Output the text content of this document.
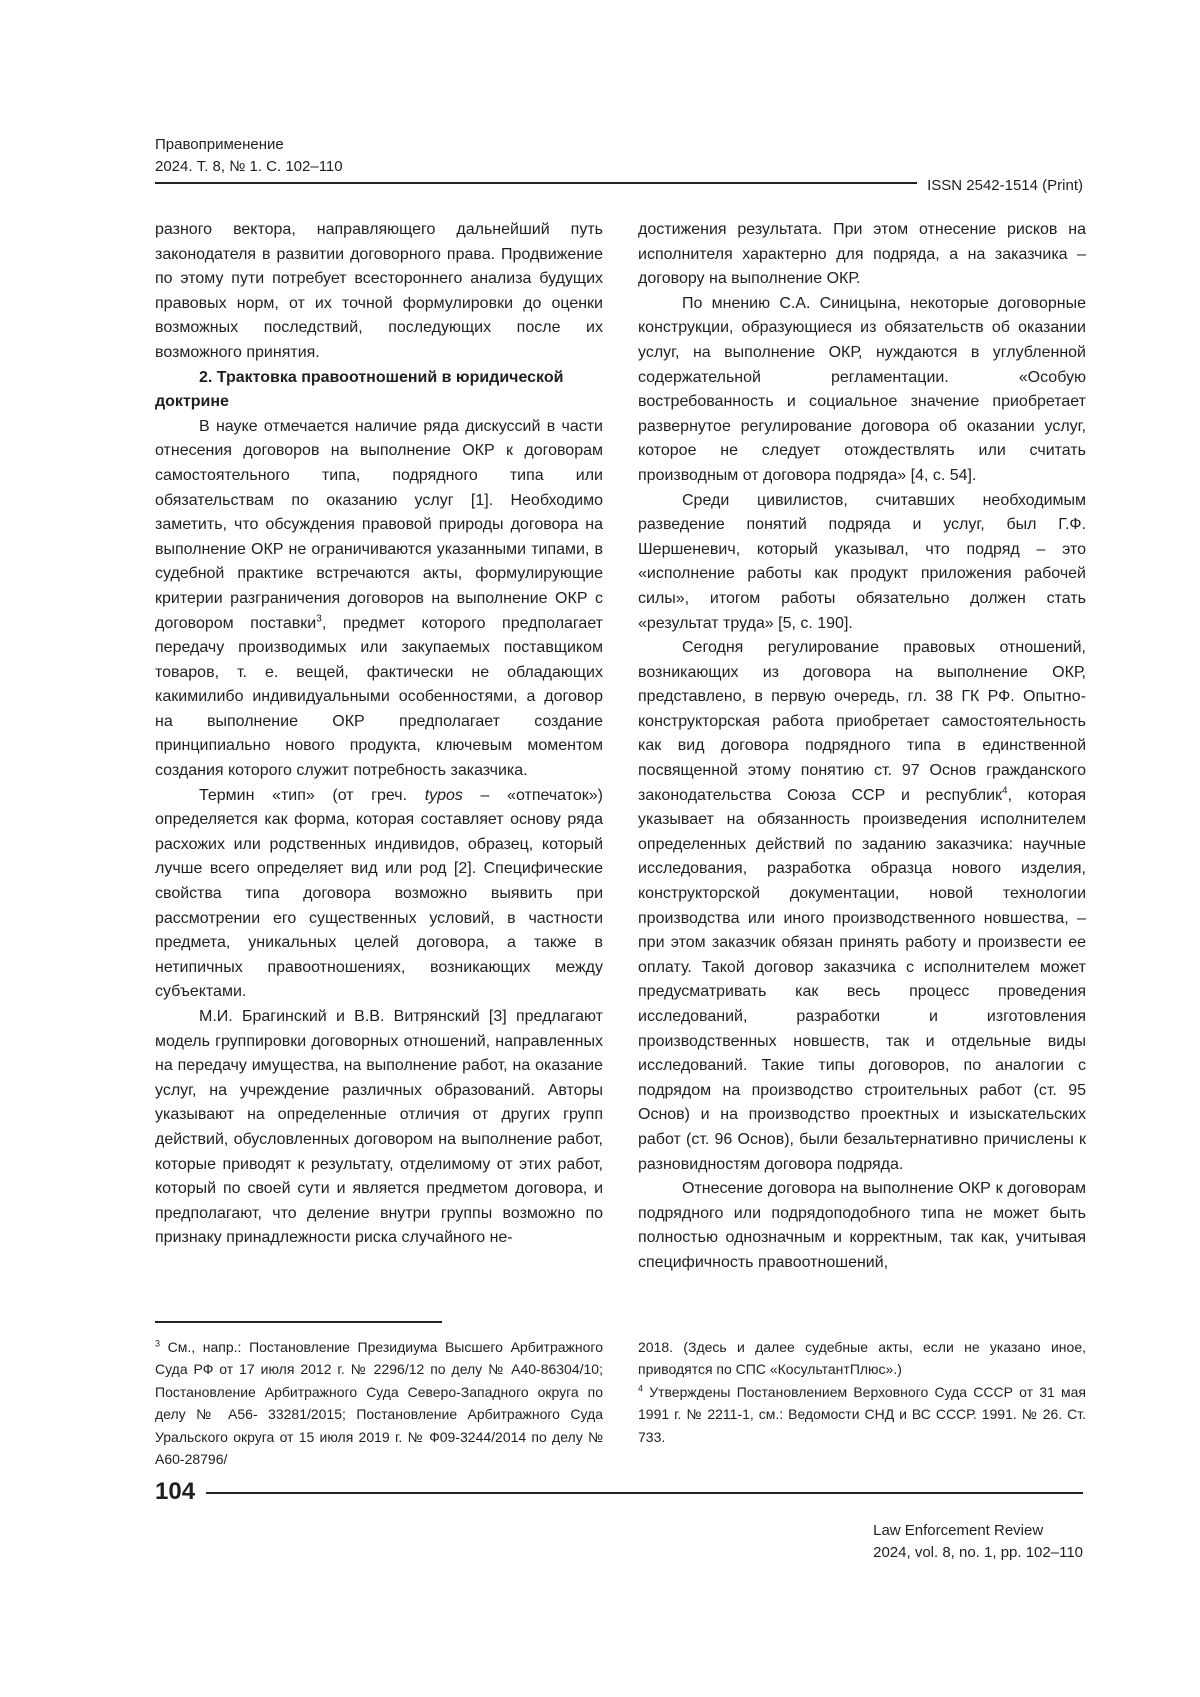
Правоприменение
2024. Т. 8, № 1. С. 102–110
ISSN 2542-1514 (Print)

разного вектора, направляющего дальнейший путь законодателя в развитии договорного права. Продвижение по этому пути потребует всестороннего анализа будущих правовых норм, от их точной формулировки до оценки возможных последствий, последующих после их возможного принятия.

2. Трактовка правоотношений в юридической доктрине

В науке отмечается наличие ряда дискуссий в части отнесения договоров на выполнение ОКР к договорам самостоятельного типа, подрядного типа или обязательствам по оказанию услуг [1]. Необходимо заметить, что обсуждения правовой природы договора на выполнение ОКР не ограничиваются указанными типами, в судебной практике встречаются акты, формулирующие критерии разграничения договоров на выполнение ОКР с договором поставки$^3$, предмет которого предполагает передачу производимых или закупаемых поставщиком товаров, т. е. вещей, фактически не обладающих какимилибо индивидуальными особенностями, а договор на выполнение ОКР предполагает создание принципиально нового продукта, ключевым моментом создания которого служит потребность заказчика.

Термин «тип» (от греч. typos – «отпечаток») определяется как форма, которая составляет основу ряда расхожих или родственных индивидов, образец, который лучше всего определяет вид или род [2]. Специфические свойства типа договора возможно выявить при рассмотрении его существенных условий, в частности предмета, уникальных целей договора, а также в нетипичных правоотношениях, возникающих между субъектами.

М.И. Брагинский и В.В. Витрянский [3] предлагают модель группировки договорных отношений, направленных на передачу имущества, на выполнение работ, на оказание услуг, на учреждение различных образований. Авторы указывают на определенные отличия от других групп действий, обусловленных договором на выполнение работ, которые приводят к результату, отделимому от этих работ, который по своей сути и является предметом договора, и предполагают, что деление внутри группы возможно по признаку принадлежности риска случайного не-

достижения результата. При этом отнесение рисков на исполнителя характерно для подряда, а на заказчика – договору на выполнение ОКР.

По мнению С.А. Синицына, некоторые договорные конструкции, образующиеся из обязательств об оказании услуг, на выполнение ОКР, нуждаются в углубленной содержательной регламентации. «Особую востребованность и социальное значение приобретает развернутое регулирование договора об оказании услуг, которое не следует отождествлять или считать производным от договора подряда» [4, с. 54].

Среди цивилистов, считавших необходимым разведение понятий подряда и услуг, был Г.Ф. Шершеневич, который указывал, что подряд – это «исполнение работы как продукт приложения рабочей силы», итогом работы обязательно должен стать «результат труда» [5, с. 190].

Сегодня регулирование правовых отношений, возникающих из договора на выполнение ОКР, представлено, в первую очередь, гл. 38 ГК РФ. Опытно-конструкторская работа приобретает самостоятельность как вид договора подрядного типа в единственной посвященной этому понятию ст. 97 Основ гражданского законодательства Союза ССР и республик$^4$, которая указывает на обязанность произведения исполнителем определенных действий по заданию заказчика: научные исследования, разработка образца нового изделия, конструкторской документации, новой технологии производства или иного производственного новшества, – при этом заказчик обязан принять работу и произвести ее оплату. Такой договор заказчика с исполнителем может предусматривать как весь процесс проведения исследований, разработки и изготовления производственных новшеств, так и отдельные виды исследований. Такие типы договоров, по аналогии с подрядом на производство строительных работ (ст. 95 Основ) и на производство проектных и изыскательских работ (ст. 96 Основ), были безальтернативно причислены к разновидностям договора подряда.

Отнесение договора на выполнение ОКР к договорам подрядного или подрядоподобного типа не может быть полностью однозначным и корректным, так как, учитывая специфичность правоотношений,

$^3$ См., напр.: Постановление Президиума Высшего Арбитражного Суда РФ от 17 июля 2012 г. № 2296/12 по делу № А40-86304/10; Постановление Арбитражного Суда Северо-Западного округа по делу № А56- 33281/2015; Постановление Арбитражного Суда Уральского округа от 15 июля 2019 г. № Ф09-3244/2014 по делу № А60-28796/

2018. (Здесь и далее судебные акты, если не указано иное, приводятся по СПС «КосультантПлюс».)

$^4$ Утверждены Постановлением Верховного Суда СССР от 31 мая 1991 г. № 2211-1, см.: Ведомости СНД и ВС СССР. 1991. № 26. Ст. 733.

104
Law Enforcement Review
2024, vol. 8, no. 1, pp. 102–110
